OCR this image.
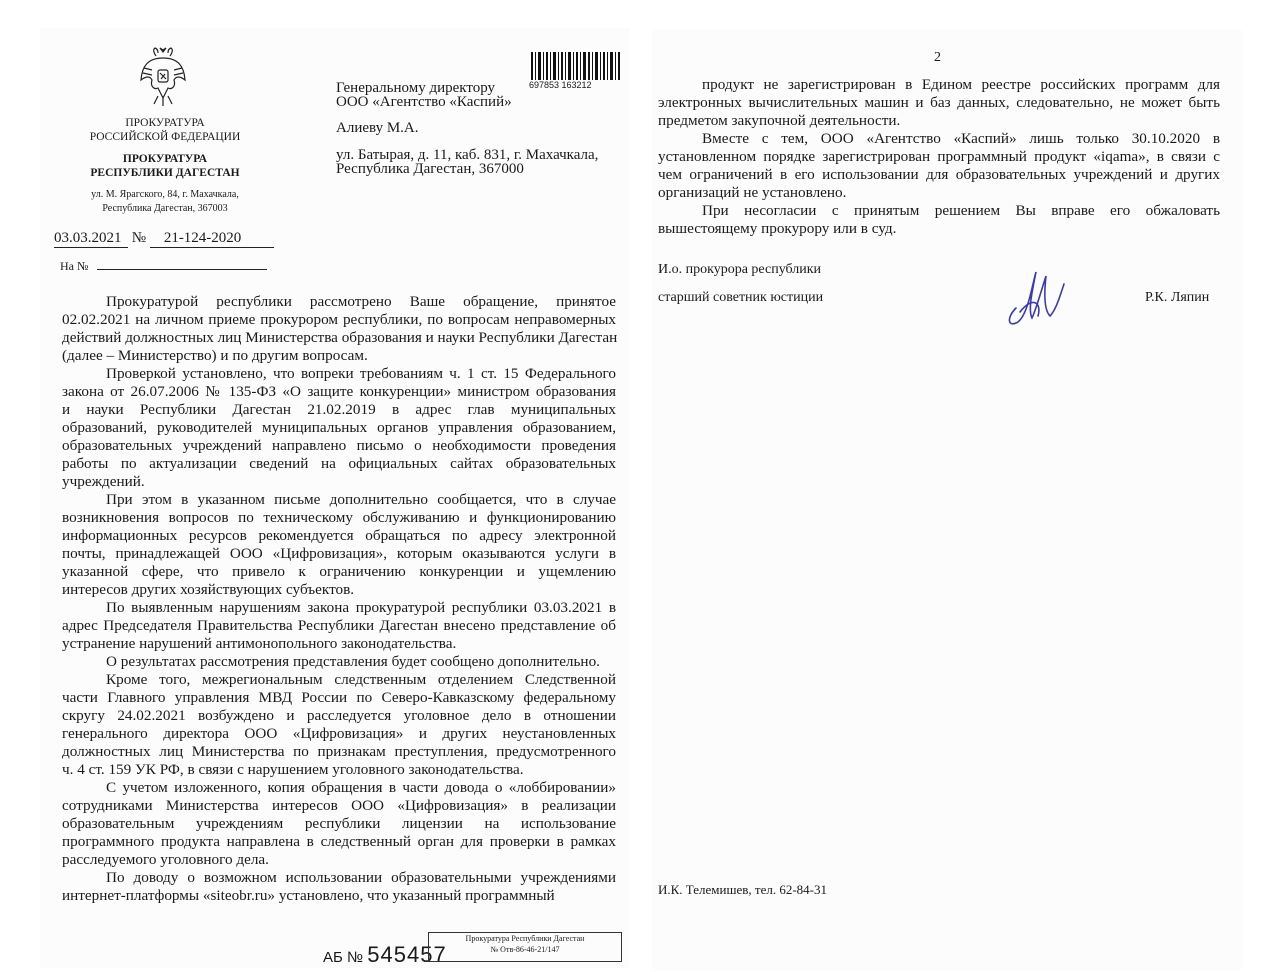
ПРОКУРАТУРА
РОССИЙСКОЙ ФЕДЕРАЦИИ
ПРОКУРАТУРА
РЕСПУБЛИКИ ДАГЕСТАН
ул. М. Ярагского, 84, г. Махачкала,
Республика Дагестан, 367003
697853 163212
Генеральному директору
ООО «Агентство «Каспий»
Алиеву М.А.
ул. Батырая, д. 11, каб. 831, г. Махачкала,
Республика Дагестан, 367000
03.03.2021 № 21-124-2020
На №
Прокуратурой республики рассмотрено Ваше обращение, принятое
02.02.2021 на личном приеме прокурором республики, по вопросам неправомерных
действий должностных лиц Министерства образования и науки Республики Дагестан
(далее – Министерство) и по другим вопросам.
Проверкой установлено, что вопреки требованиям ч. 1 ст. 15 Федерального
закона от 26.07.2006 № 135-ФЗ «О защите конкуренции» министром образования
и науки Республики Дагестан 21.02.2019 в адрес глав муниципальных
образований, руководителей муниципальных органов управления образованием,
образовательных учреждений направлено письмо о необходимости проведения
работы по актуализации сведений на официальных сайтах образовательных
учреждений.
При этом в указанном письме дополнительно сообщается, что в случае
возникновения вопросов по техническому обслуживанию и функционированию
информационных ресурсов рекомендуется обращаться по адресу электронной
почты, принадлежащей ООО «Цифровизация», которым оказываются услуги в
указанной сфере, что привело к ограничению конкуренции и ущемлению
интересов других хозяйствующих субъектов.
По выявленным нарушениям закона прокуратурой республики 03.03.2021 в
адрес Председателя Правительства Республики Дагестан внесено представление об
устранение нарушений антимонопольного законодательства.
О результатах рассмотрения представления будет сообщено дополнительно.
Кроме того, межрегиональным следственным отделением Следственной
части Главного управления МВД России по Северо-Кавказскому федеральному
скругу 24.02.2021 возбуждено и расследуется уголовное дело в отношении
генерального директора ООО «Цифровизация» и других неустановленных
должностных лиц Министерства по признакам преступления, предусмотренного
ч. 4 ст. 159 УК РФ, в связи с нарушением уголовного законодательства.
С учетом изложенного, копия обращения в части довода о «лоббировании»
сотрудниками Министерства интересов ООО «Цифровизация» в реализации
образовательным учреждениям республики лицензии на использование
программного продукта направлена в следственный орган для проверки в рамках
расследуемого уголовного дела.
По доводу о возможном использовании образовательными учреждениями
интернет-платформы «siteobr.ru» установлено, что указанный программный
АБ № 545457
Прокуратура Республики Дагестан
№ Отв-86-46-21/147
2
продукт не зарегистрирован в Едином реестре российских программ для
электронных вычислительных машин и баз данных, следовательно, не может быть
предметом закупочной деятельности.
Вместе с тем, ООО «Агентство «Каспий» лишь только 30.10.2020 в
установленном порядке зарегистрирован программный продукт «iqama», в связи с
чем ограничений в его использовании для образовательных учреждений и других
организаций не установлено.
При несогласии с принятым решением Вы вправе его обжаловать
вышестоящему прокурору или в суд.
И.о. прокурора республики
старший советник юстиции	Р.К. Ляпин
И.К. Телемишев, тел. 62-84-31
